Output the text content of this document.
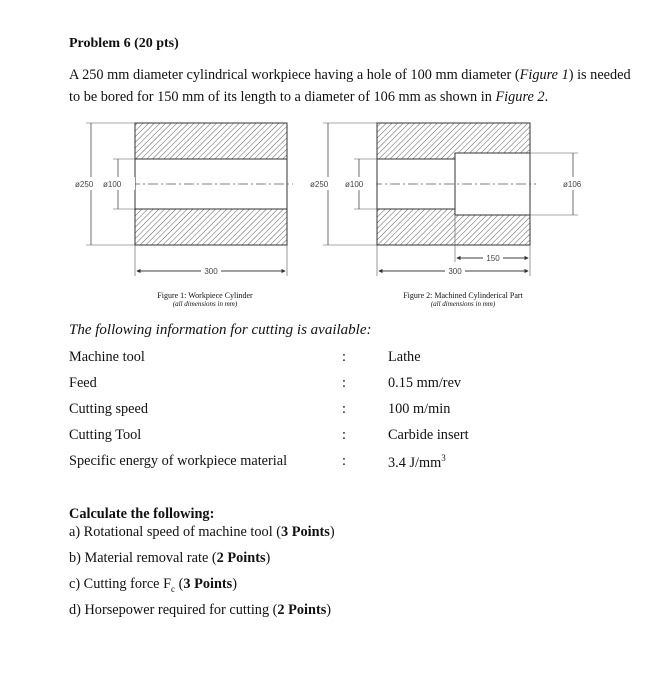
Problem 6 (20 pts)
A 250 mm diameter cylindrical workpiece having a hole of 100 mm diameter (Figure 1) is needed to be bored for 150 mm of its length to a diameter of 106 mm as shown in Figure 2.
ø250 ø100
300
ø250 ø100	ø106
150
300
Figure 1: Workpiece Cylinder
(all dimensions in mm)
Figure 2: Machined Cylinderical Part
(all dimensions in mm)
The following information for cutting is available:
Machine tool	:	Lathe
Feed	:	0.15 mm/rev
Cutting speed	:	100 m/min
Cutting Tool	:	Carbide insert
Specific energy of workpiece material	:	3.4 $J/mm^3$
Calculate the following:
a) Rotational speed of machine tool (3 Points)
b) Material removal rate (2 Points)
c) Cutting force $F_c$ (3 Points)
d) Horsepower required for cutting (2 Points)
